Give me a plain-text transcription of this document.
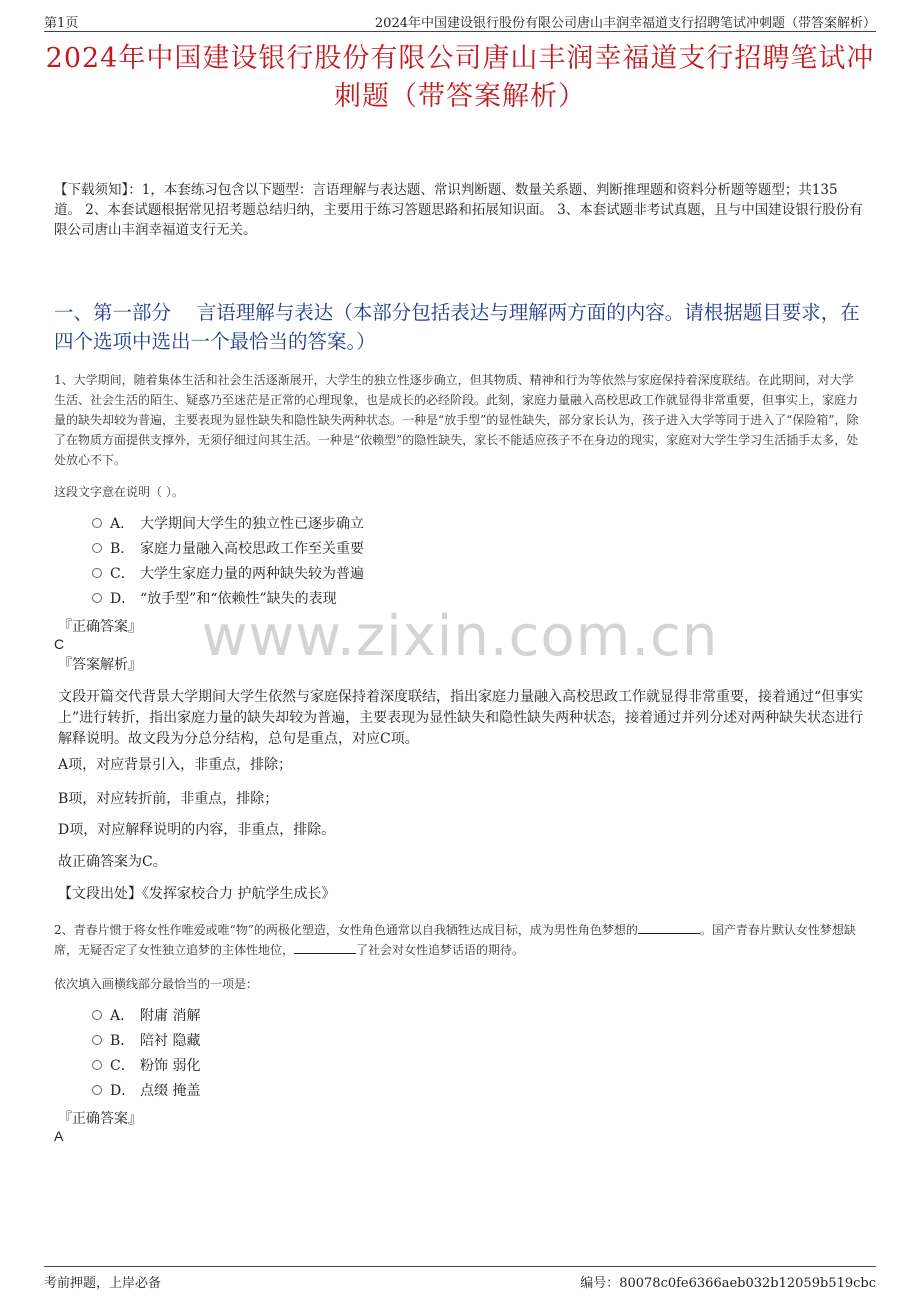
第1页	2024年中国建设银行股份有限公司唐山丰润幸福道支行招聘笔试冲刺题（带答案解析）
2024年中国建设银行股份有限公司唐山丰润幸福道支行招聘笔试冲刺题（带答案解析）
【下载须知】：1，本套练习包含以下题型：言语理解与表达题、常识判断题、数量关系题、判断推理题和资料分析题等题型；共135道。 2、本套试题根据常见招考题总结归纳，主要用于练习答题思路和拓展知识面。 3、本套试题非考试真题，且与中国建设银行股份有限公司唐山丰润幸福道支行无关。
一、第一部分　 言语理解与表达（本部分包括表达与理解两方面的内容。请根据题目要求，在四个选项中选出一个最恰当的答案。）
1、大学期间，随着集体生活和社会生活逐渐展开，大学生的独立性逐步确立，但其物质、精神和行为等依然与家庭保持着深度联结。在此期间，对大学生活、社会生活的陌生、疑惑乃至迷茫是正常的心理现象，也是成长的必经阶段。此刻，家庭力量融入高校思政工作就显得非常重要，但事实上，家庭力量的缺失却较为普遍，主要表现为显性缺失和隐性缺失两种状态。一种是“放手型”的显性缺失，部分家长认为，孩子进入大学等同于进入了“保险箱”，除了在物质方面提供支撑外，无须仔细过问其生活。一种是“依赖型”的隐性缺失，家长不能适应孩子不在身边的现实，家庭对大学生学习生活插手太多，处处放心不下。
这段文字意在说明（ ）。
A． 大学期间大学生的独立性已逐步确立
B． 家庭力量融入高校思政工作至关重要
C． 大学生家庭力量的两种缺失较为普遍
D． “放手型”和“依赖性”缺失的表现
www.zixin.com.cn
『正确答案』
C
『答案解析』
文段开篇交代背景大学期间大学生依然与家庭保持着深度联结，指出家庭力量融入高校思政工作就显得非常重要，接着通过“但事实上”进行转折，指出家庭力量的缺失却较为普遍，主要表现为显性缺失和隐性缺失两种状态，接着通过并列分述对两种缺失状态进行解释说明。故文段为分总分结构，总句是重点，对应C项。
A项，对应背景引入，非重点，排除；
B项，对应转折前，非重点，排除；
D项，对应解释说明的内容，非重点，排除。
故正确答案为C。
【文段出处】《发挥家校合力 护航学生成长》
2、青春片惯于将女性作唯爱或唯“物”的两极化塑造，女性角色通常以自我牺牲达成目标，成为男性角色梦想的	。国产青春片默认女性梦想缺席，无疑否定了女性独立追梦的主体性地位，	了社会对女性追梦话语的期待。
依次填入画横线部分最恰当的一项是：
A． 附庸 消解
B． 陪衬 隐藏
C． 粉饰 弱化
D． 点缀 掩盖
『正确答案』
A
考前押题，上岸必备	编号：80078c0fe6366aeb032b12059b519cbc
